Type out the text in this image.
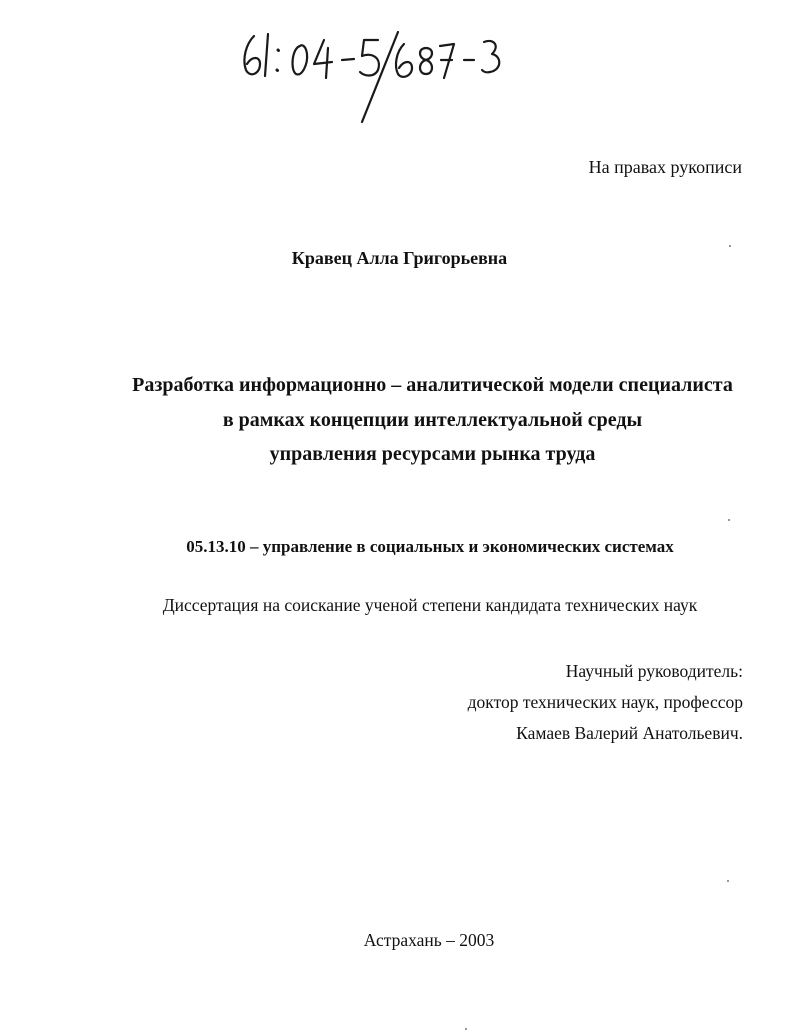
На правах рукописи
Кравец Алла Григорьевна
Разработка информационно – аналитической модели специалиста
в рамках концепции интеллектуальной среды
управления ресурсами рынка труда
05.13.10 – управление в социальных и экономических системах
Диссертация на соискание ученой степени кандидата технических наук
Научный руководитель:
доктор технических наук, профессор
Камаев Валерий Анатольевич.
Астрахань – 2003
